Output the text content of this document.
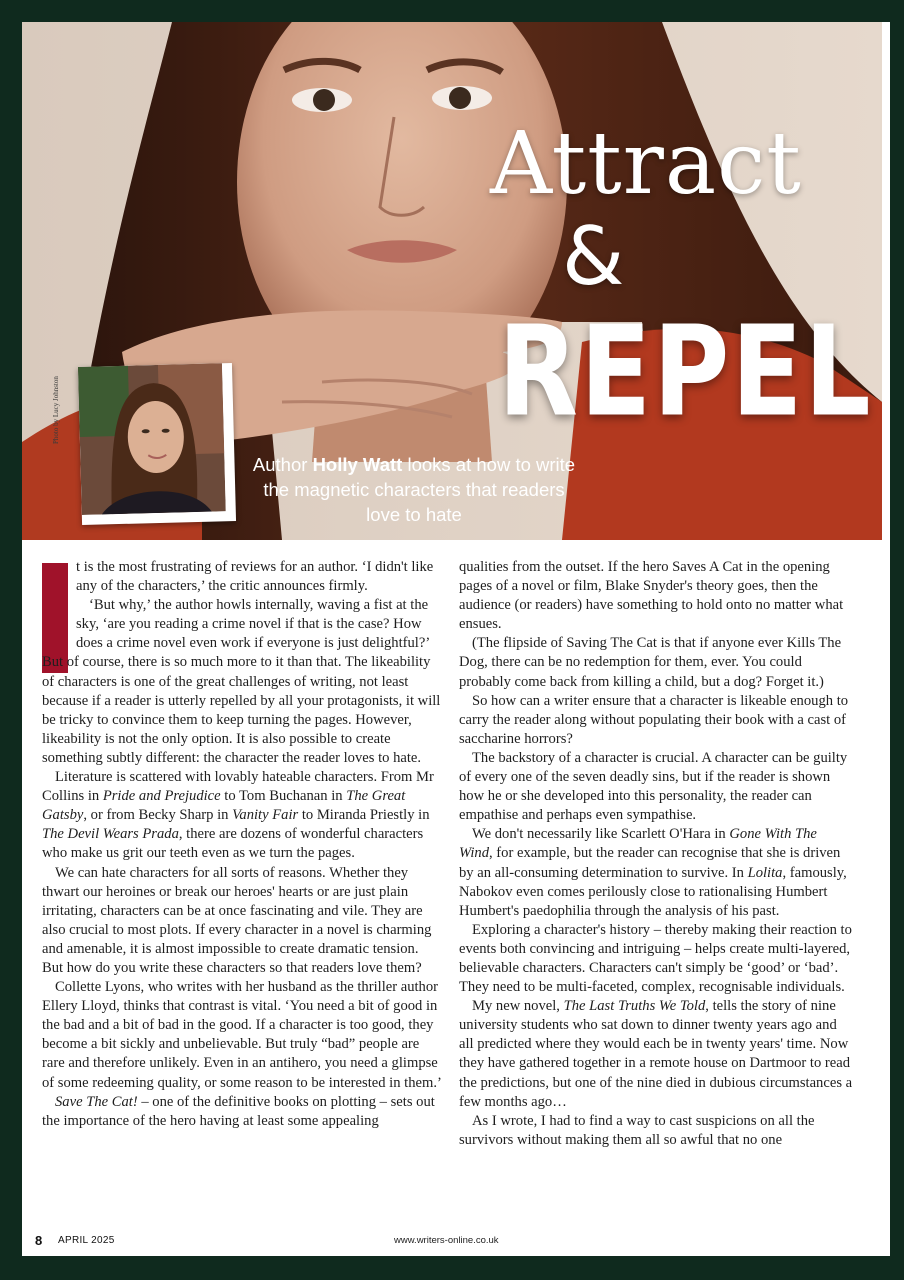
Attract
&
REPEL
Author Holly Watt looks at how to write the magnetic characters that readers love to hate
Photo by Lucy Johnston

t is the most frustrating of reviews for an author. ‘I didn't like any of the characters,’ the critic announces firmly.

‘But why,’ the author howls internally, waving a fist at the sky, ‘are you reading a crime novel if that is the case? How does a crime novel even work if everyone is just delightful?’

But of course, there is so much more to it than that. The likeability of characters is one of the great challenges of writing, not least because if a reader is utterly repelled by all your protagonists, it will be tricky to convince them to keep turning the pages. However, likeability is not the only option. It is also possible to create something subtly different: the character the reader loves to hate.

Literature is scattered with lovably hateable characters. From Mr Collins in Pride and Prejudice to Tom Buchanan in The Great Gatsby, or from Becky Sharp in Vanity Fair to Miranda Priestly in The Devil Wears Prada, there are dozens of wonderful characters who make us grit our teeth even as we turn the pages.

We can hate characters for all sorts of reasons. Whether they thwart our heroines or break our heroes' hearts or are just plain irritating, characters can be at once fascinating and vile. They are also crucial to most plots. If every character in a novel is charming and amenable, it is almost impossible to create dramatic tension. But how do you write these characters so that readers love them?

Collette Lyons, who writes with her husband as the thriller author Ellery Lloyd, thinks that contrast is vital. ‘You need a bit of good in the bad and a bit of bad in the good. If a character is too good, they become a bit sickly and unbelievable. But truly “bad” people are rare and therefore unlikely. Even in an antihero, you need a glimpse of some redeeming quality, or some reason to be interested in them.’

Save The Cat! – one of the definitive books on plotting – sets out the importance of the hero having at least some appealing

qualities from the outset. If the hero Saves A Cat in the opening pages of a novel or film, Blake Snyder's theory goes, then the audience (or readers) have something to hold onto no matter what ensues.

(The flipside of Saving The Cat is that if anyone ever Kills The Dog, there can be no redemption for them, ever. You could probably come back from killing a child, but a dog? Forget it.)

So how can a writer ensure that a character is likeable enough to carry the reader along without populating their book with a cast of saccharine horrors?

The backstory of a character is crucial. A character can be guilty of every one of the seven deadly sins, but if the reader is shown how he or she developed into this personality, the reader can empathise and perhaps even sympathise.

We don't necessarily like Scarlett O'Hara in Gone With The Wind, for example, but the reader can recognise that she is driven by an all-consuming determination to survive. In Lolita, famously, Nabokov even comes perilously close to rationalising Humbert Humbert's paedophilia through the analysis of his past.

Exploring a character's history – thereby making their reaction to events both convincing and intriguing – helps create multi-layered, believable characters. Characters can't simply be ‘good’ or ‘bad’. They need to be multi-faceted, complex, recognisable individuals.

My new novel, The Last Truths We Told, tells the story of nine university students who sat down to dinner twenty years ago and all predicted where they would each be in twenty years' time. Now they have gathered together in a remote house on Dartmoor to read the predictions, but one of the nine died in dubious circumstances a few months ago…

As I wrote, I had to find a way to cast suspicions on all the survivors without making them all so awful that no one

8 APRIL 2025	www.writers-online.co.uk
